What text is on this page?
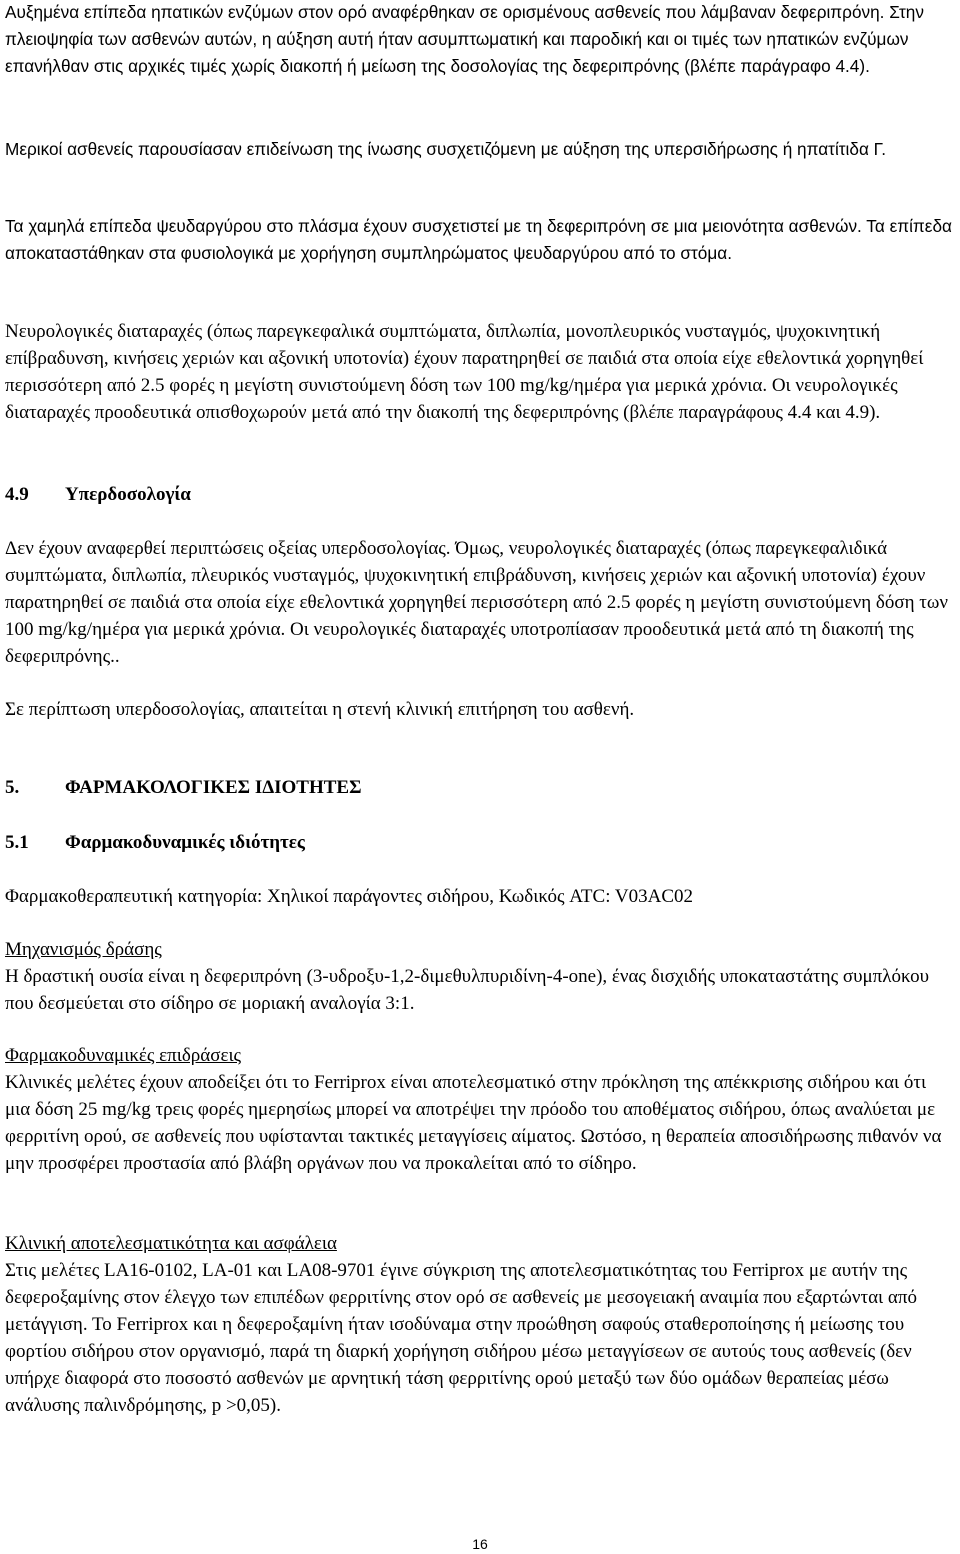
Αυξημένα επίπεδα ηπατικών ενζύμων στον ορό αναφέρθηκαν σε ορισμένους ασθενείς που λάμβαναν δεφεριπρόνη. Στην πλειοψηφία των ασθενών αυτών, η αύξηση αυτή ήταν ασυμπτωματική και παροδική και οι τιμές των ηπατικών ενζύμων επανήλθαν στις αρχικές τιμές χωρίς διακοπή ή μείωση της δοσολογίας της δεφεριπρόνης (βλέπε παράγραφο 4.4).

Μερικοί ασθενείς παρουσίασαν επιδείνωση της ίνωσης συσχετιζόμενη με αύξηση της υπερσιδήρωσης ή ηπατίτιδα Γ.

Τα χαμηλά επίπεδα ψευδαργύρου στο πλάσμα έχουν συσχετιστεί με τη δεφεριπρόνη σε μια μειονότητα ασθενών. Τα επίπεδα αποκαταστάθηκαν στα φυσιολογικά με χορήγηση συμπληρώματος ψευδαργύρου από το στόμα.

Νευρολογικές διαταραχές (όπως παρεγκεφαλικά συμπτώματα, διπλωπία, μονοπλευρικός νυσταγμός, ψυχοκινητική επίβραδυνση, κινήσεις χεριών και αξονική υποτονία) έχουν παρατηρηθεί σε παιδιά στα οποία είχε εθελοντικά χορηγηθεί περισσότερη από 2.5 φορές η μεγίστη συνιστούμενη δόση των 100 mg/kg/ημέρα για μερικά χρόνια. Οι νευρολογικές διαταραχές προοδευτικά οπισθοχωρούν μετά από την διακοπή της δεφεριπρόνης (βλέπε παραγράφους 4.4 και 4.9).

4.9	Υπερδοσολογία

Δεν έχουν αναφερθεί περιπτώσεις οξείας υπερδοσολογίας. Όμως, νευρολογικές διαταραχές (όπως παρεγκεφαλιδικά συμπτώματα, διπλωπία, πλευρικός νυσταγμός, ψυχοκινητική επιβράδυνση, κινήσεις χεριών και αξονική υποτονία) έχουν παρατηρηθεί σε παιδιά στα οποία είχε εθελοντικά χορηγηθεί περισσότερη από 2.5 φορές η μεγίστη συνιστούμενη δόση των 100 mg/kg/ημέρα για μερικά χρόνια. Οι νευρολογικές διαταραχές υποτροπίασαν προοδευτικά μετά από τη διακοπή της δεφεριπρόνης..

Σε περίπτωση υπερδοσολογίας, απαιτείται η στενή κλινική επιτήρηση του ασθενή.

5.	ΦΑΡΜΑΚΟΛΟΓΙΚΕΣ ΙΔΙΟΤΗΤΕΣ
5.1	Φαρμακοδυναμικές ιδιότητες

Φαρμακοθεραπευτική κατηγορία: Χηλικοί παράγοντες σιδήρου, Κωδικός ATC: V03AC02

Μηχανισμός δράσης

Η δραστική ουσία είναι η δεφεριπρόνη (3-υδροξυ-1,2-διμεθυλπυριδίνη-4-one), ένας δισχιδής υποκαταστάτης συμπλόκου που δεσμεύεται στο σίδηρο σε μοριακή αναλογία 3:1.

Φαρμακοδυναμικές επιδράσεις

Κλινικές μελέτες έχουν αποδείξει ότι το Ferriprox είναι αποτελεσματικό στην πρόκληση της απέκκρισης σιδήρου και ότι μια δόση 25 mg/kg τρεις φορές ημερησίως μπορεί να αποτρέψει την πρόοδο του αποθέματος σιδήρου, όπως αναλύεται με φερριτίνη ορού, σε ασθενείς που υφίστανται τακτικές μεταγγίσεις αίματος. Ωστόσο, η θεραπεία αποσιδήρωσης πιθανόν να μην προσφέρει προστασία από βλάβη οργάνων που να προκαλείται από το σίδηρο.

Κλινική αποτελεσματικότητα και ασφάλεια

Στις μελέτες LA16-0102, LA-01 και LA08-9701 έγινε σύγκριση της αποτελεσματικότητας του Ferriprox με αυτήν της δεφεροξαμίνης στον έλεγχο των επιπέδων φερριτίνης στον ορό σε ασθενείς με μεσογειακή αναιμία που εξαρτώνται από μετάγγιση. Το Ferriprox και η δεφεροξαμίνη ήταν ισοδύναμα στην προώθηση σαφούς σταθεροποίησης ή μείωσης του φορτίου σιδήρου στον οργανισμό, παρά τη διαρκή χορήγηση σιδήρου μέσω μεταγγίσεων σε αυτούς τους ασθενείς (δεν υπήρχε διαφορά στο ποσοστό ασθενών με αρνητική τάση φερριτίνης ορού μεταξύ των δύο ομάδων θεραπείας μέσω ανάλυσης παλινδρόμησης, p >0,05).

16
